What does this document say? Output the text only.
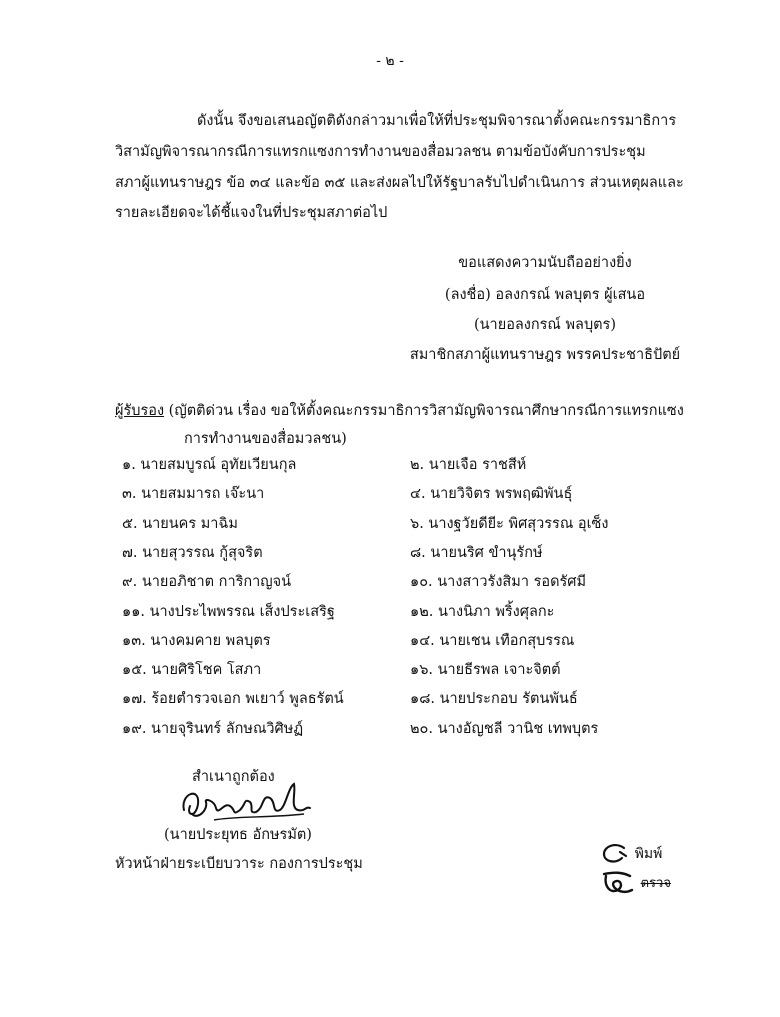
- ๒ -
ดังนั้น จึงขอเสนอญัตติดังกล่าวมาเพื่อให้ที่ประชุมพิจารณาตั้งคณะกรรมาธิการ
วิสามัญพิจารณากรณีการแทรกแซงการทำงานของสื่อมวลชน ตามข้อบังคับการประชุม
สภาผู้แทนราษฎร ข้อ ๓๔ และข้อ ๓๕ และส่งผลไปให้รัฐบาลรับไปดำเนินการ ส่วนเหตุผลและ
รายละเอียดจะได้ชี้แจงในที่ประชุมสภาต่อไป
ขอแสดงความนับถืออย่างยิ่ง
(ลงชื่อ) อลงกรณ์ พลบุตร ผู้เสนอ
(นายอลงกรณ์ พลบุตร)
สมาชิกสภาผู้แทนราษฎร พรรคประชาธิปัตย์
ผู้รับรอง (ญัตติด่วน เรื่อง ขอให้ตั้งคณะกรรมาธิการวิสามัญพิจารณาศึกษากรณีการแทรกแซง
การทำงานของสื่อมวลชน)
๑. นายสมบูรณ์ อุทัยเวียนกุล	๒. นายเจือ ราชสีห์
๓. นายสมมารถ เจ๊ะนา	๔. นายวิจิตร พรพฤฒิพันธุ์
๕. นายนคร มาฉิม	๖. นางฐวัยดียีะ พิศสุวรรณ อุเซ็ง
๗. นายสุวรรณ กู้สุจริต	๘. นายนริศ ขำนุรักษ์
๙. นายอภิชาต การิกาญจน์	๑๐. นางสาวรังสิมา รอดรัศมี
๑๑. นางประไพพรรณ เส็งประเสริฐ	๑๒. นางนิภา พริ้งศุลกะ
๑๓. นางคมคาย พลบุตร	๑๔. นายเชน เทือกสุบรรณ
๑๕. นายศิริโชค โสภา	๑๖. นายธีรพล เจาะจิตต์
๑๗. ร้อยตำรวจเอก พเยาว์ พูลธรัตน์	๑๘. นายประกอบ รัตนพันธ์
๑๙. นายจุรินทร์ ลักษณวิศิษฏ์	๒๐. นางอัญชลี วานิช เทพบุตร
สำเนาถูกต้อง
(นายประยุทธ อักษรมัต)
หัวหน้าฝ่ายระเบียบวาระ กองการประชุม
พิมพ์
ตรวจ
